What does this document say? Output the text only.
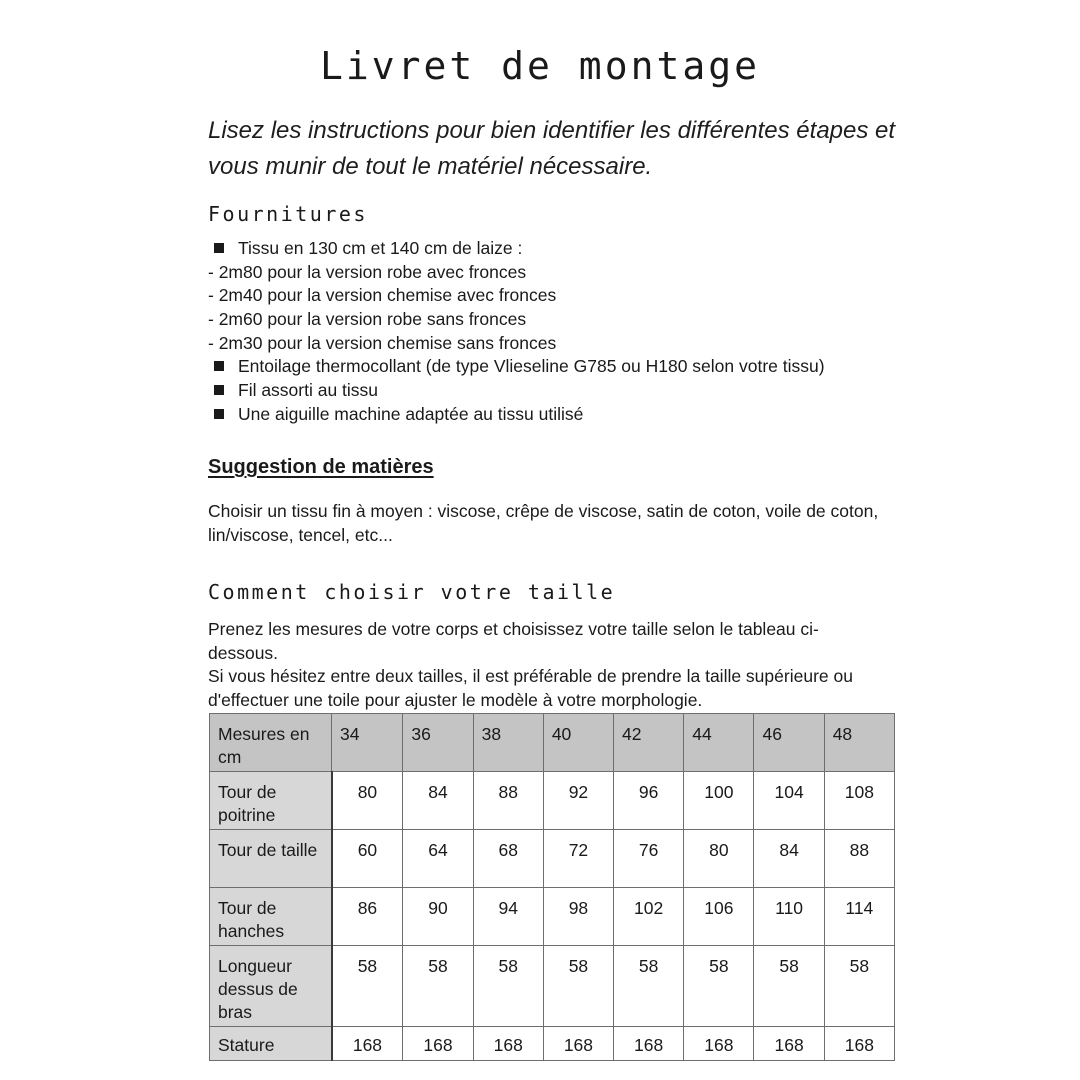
Livret de montage
Lisez les instructions pour bien identifier les différentes étapes et vous munir de tout le matériel nécessaire.
Fournitures
Tissu en 130 cm et 140 cm de laize :
- 2m80 pour la version robe avec fronces
- 2m40 pour la version chemise avec fronces
- 2m60 pour la version robe sans fronces
- 2m30 pour la version chemise sans fronces
Entoilage thermocollant (de type Vlieseline G785 ou H180 selon votre tissu)
Fil assorti au tissu
Une aiguille machine adaptée au tissu utilisé
Suggestion de matières
Choisir un tissu fin à moyen : viscose, crêpe de viscose, satin de coton, voile de coton, lin/viscose, tencel, etc...
Comment choisir votre taille
Prenez les mesures de votre corps et choisissez votre taille selon le tableau ci-dessous.
Si vous hésitez entre deux tailles, il est préférable de prendre la taille supérieure ou d'effectuer une toile pour ajuster le modèle à votre morphologie.
Mesures en cm	34	36	38	40	42	44	46	48
Tour de poitrine	80	84	88	92	96	100	104	108
Tour de taille	60	64	68	72	76	80	84	88
Tour de hanches	86	90	94	98	102	106	110	114
Longueur dessus de bras	58	58	58	58	58	58	58	58
Stature	168	168	168	168	168	168	168	168
